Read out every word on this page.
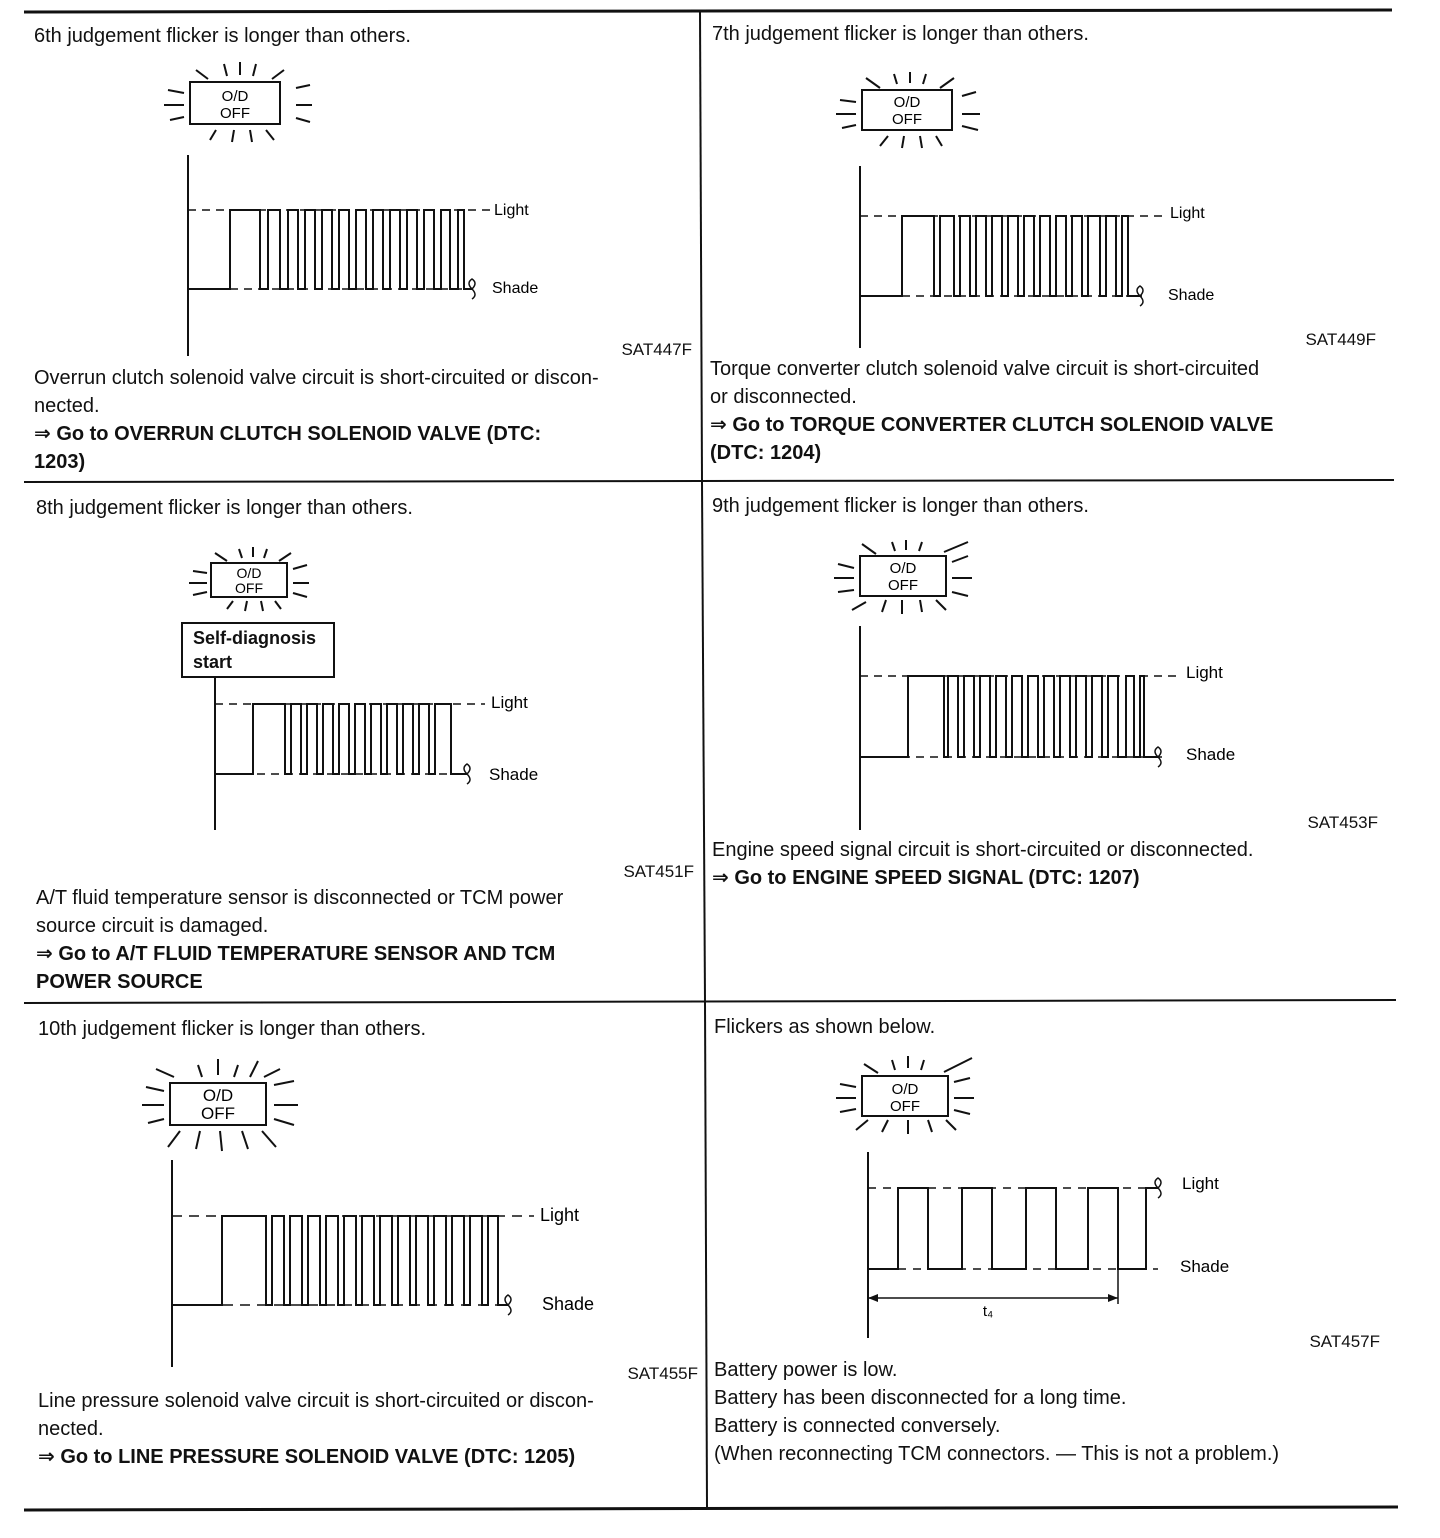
6th judgement flicker is longer than others.
O/D
OFF
Light
Shade
SAT447F

Overrun clutch solenoid valve circuit is short-circuited or discon-

nected.

⇒ Go to OVERRUN CLUTCH SOLENOID VALVE (DTC:

1203)

7th judgement flicker is longer than others.
O/D
OFF
Light
Shade
SAT449F

Torque converter clutch solenoid valve circuit is short-circuited

or disconnected.

⇒ Go to TORQUE CONVERTER CLUTCH SOLENOID VALVE

(DTC: 1204)

8th judgement flicker is longer than others.
O/D
OFF
Light
Shade
Self-diagnosis
start
SAT451F

A/T fluid temperature sensor is disconnected or TCM power

source circuit is damaged.

⇒ Go to A/T FLUID TEMPERATURE SENSOR AND TCM

POWER SOURCE

9th judgement flicker is longer than others.
O/D
OFF
Light
Shade
SAT453F

Engine speed signal circuit is short-circuited or disconnected.

⇒ Go to ENGINE SPEED SIGNAL (DTC: 1207)

10th judgement flicker is longer than others.
O/D
OFF
Light
Shade
SAT455F

Line pressure solenoid valve circuit is short-circuited or discon-

nected.

⇒ Go to LINE PRESSURE SOLENOID VALVE (DTC: 1205)

Flickers as shown below.
O/D
OFF
t₄
Light
Shade
SAT457F

Battery power is low.

Battery has been disconnected for a long time.

Battery is connected conversely.

(When reconnecting TCM connectors. — This is not a problem.)
